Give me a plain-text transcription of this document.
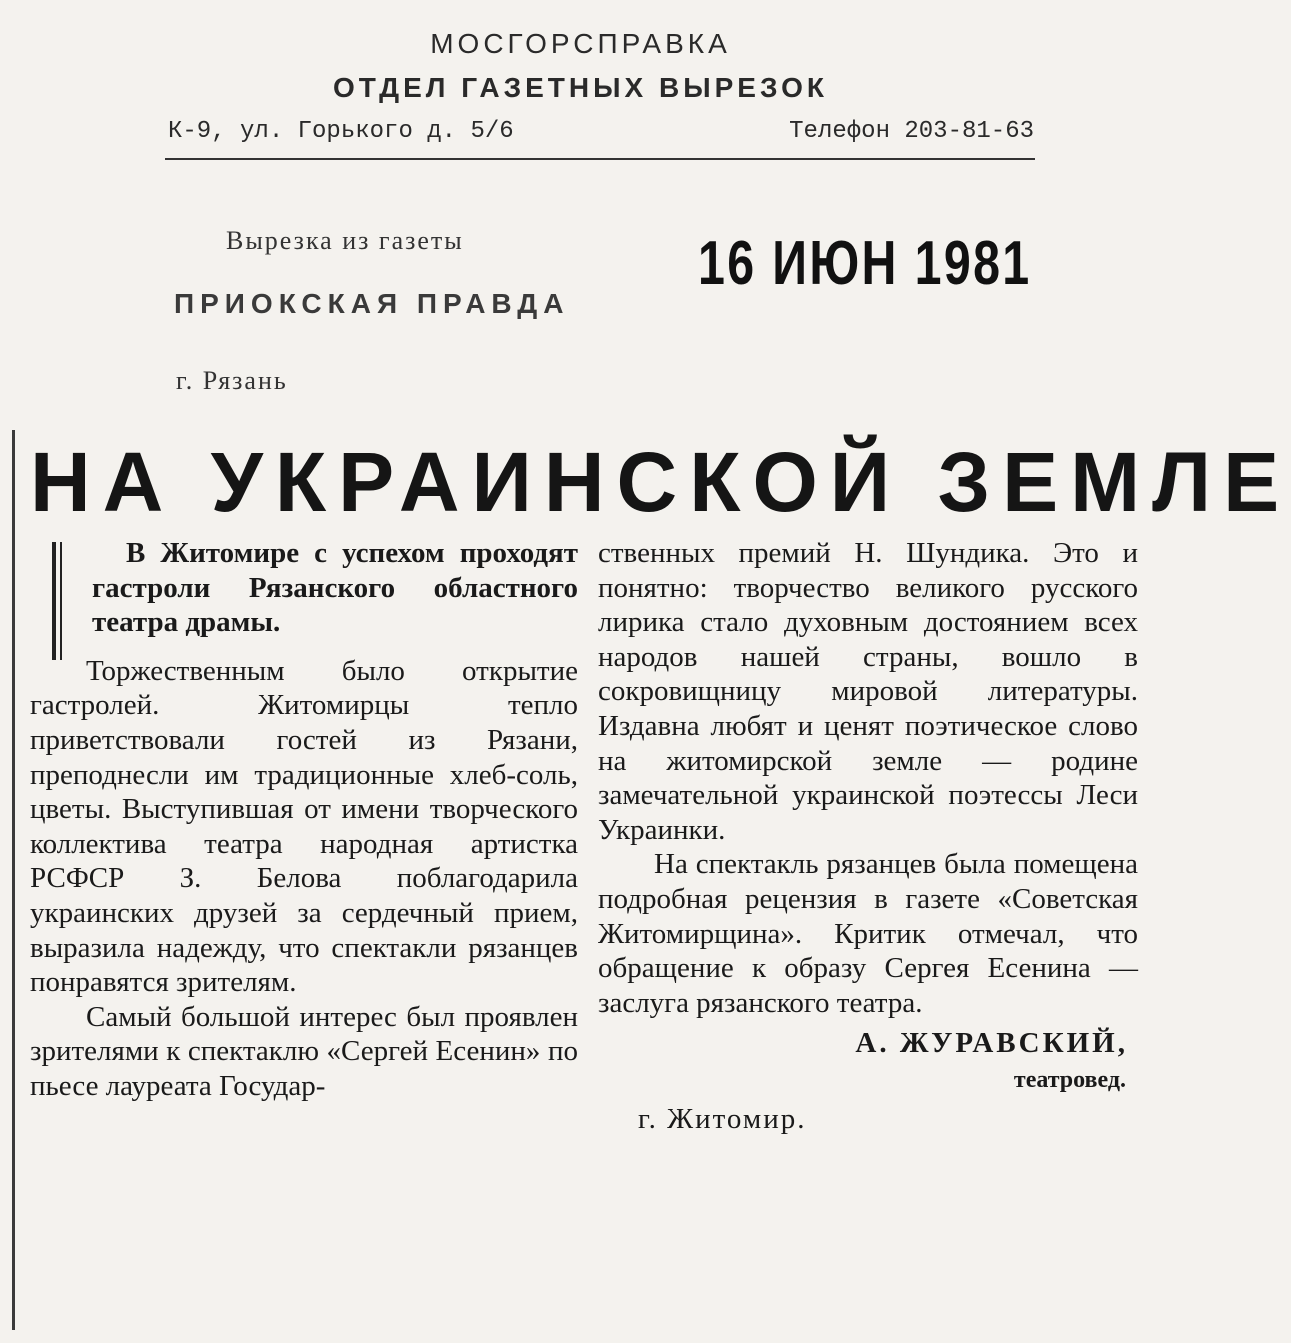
МОСГОРСПРАВКА
ОТДЕЛ ГАЗЕТНЫХ ВЫРЕЗОК
К-9, ул. Горького д. 5/6	Телефон 203-81-63
Вырезка из газеты
ПРИОКСКАЯ ПРАВДА
г. Рязань
16 ИЮН 1981
НА УКРАИНСКОЙ ЗЕМЛЕ

В Житомире с успехом проходят гастроли Рязанского областного театра драмы.

Торжественным было открытие гастролей. Житомирцы тепло приветствовали гостей из Рязани, преподнесли им традиционные хлеб-соль, цветы. Выступившая от имени творческого коллектива театра народная артистка РСФСР З. Белова поблагодарила украинских друзей за сердечный прием, выразила надежду, что спектакли рязанцев понравятся зрителям.

Самый большой интерес был проявлен зрителями к спектаклю «Сергей Есенин» по пьесе лауреата Государ-

ственных премий Н. Шундика. Это и понятно: творчество великого русского лирика стало духовным достоянием всех народов нашей страны, вошло в сокровищницу мировой литературы. Издавна любят и ценят поэтическое слово на житомирской земле — родине замечательной украинской поэтессы Леси Украинки.

На спектакль рязанцев была помещена подробная рецензия в газете «Советская Житомирщина». Критик отмечал, что обращение к образу Сергея Есенина — заслуга рязанского театра.

А. ЖУРАВСКИЙ,
театровед.
г. Житомир.
